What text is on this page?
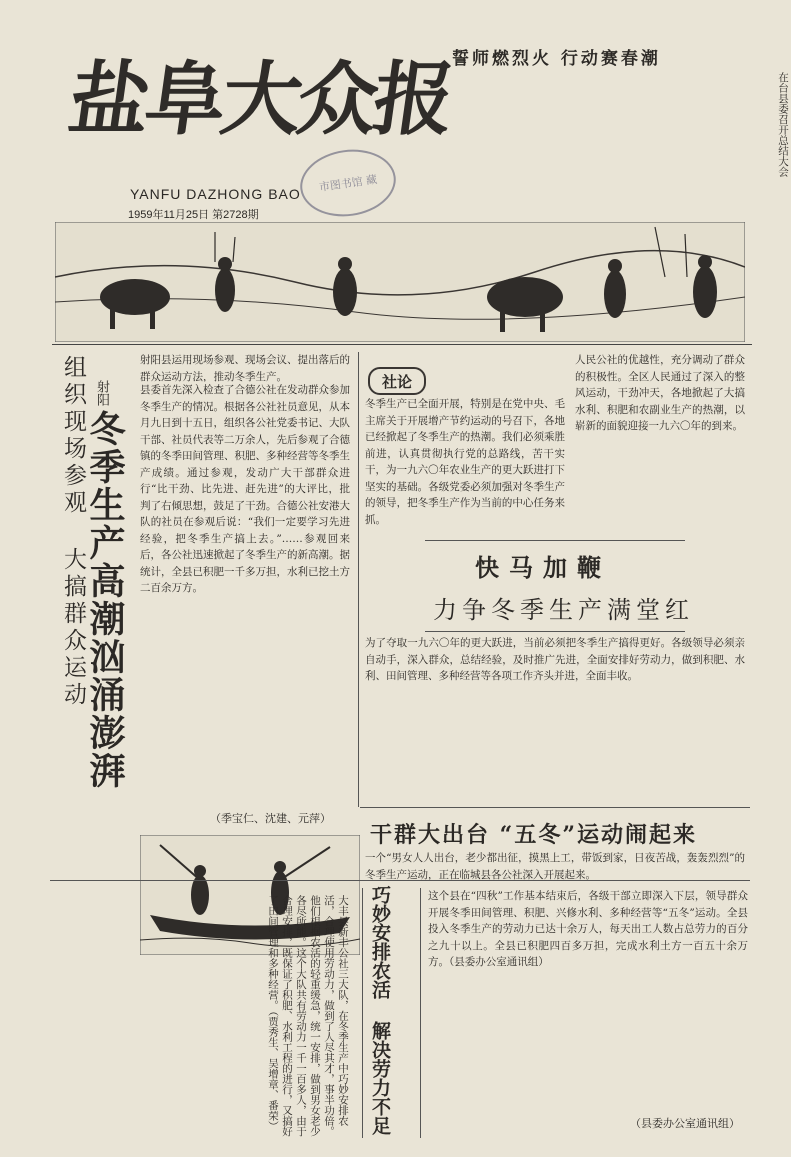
盐阜大众报
YANFU DAZHONG BAO
1959年11月25日 第2728期
市图书馆 藏
誓师燃烈火 行动赛春潮
在台县委召开总结大会
组织现场参观 大搞群众运动 射阳
冬季生产高潮汹涌澎湃
射阳县运用现场参观、现场会议、提出落后的群众运动方法，推动冬季生产。
县委首先深入检查了合德公社在发动群众参加冬季生产的情况。根据各公社社员意见，从本月九日到十五日，组织各公社党委书记、大队干部、社员代表等二万余人，先后参观了合德镇的冬季田间管理、积肥、多种经营等冬季生产成绩。通过参观，发动广大干部群众进行“比干劲、比先进、赶先进”的大评比，批判了右倾思想，鼓足了干劲。合德公社安港大队的社员在参观后说：“我们一定要学习先进经验，把冬季生产搞上去。”……参观回来后，各公社迅速掀起了冬季生产的新高潮。据统计，全县已积肥一千多万担，水利已挖土方二百余万方。
（季宝仁、沈建、元萍）
社论
冬季生产已全面开展，特别是在党中央、毛主席关于开展增产节约运动的号召下，各地已经掀起了冬季生产的热潮。我们必须乘胜前进，认真贯彻执行党的总路线，苦干实干，为一九六〇年农业生产的更大跃进打下坚实的基础。各级党委必须加强对冬季生产的领导，把冬季生产作为当前的中心任务来抓。
人民公社的优越性，充分调动了群众的积极性。全区人民通过了深入的整风运动，干劲冲天，各地掀起了大搞水利、积肥和农副业生产的热潮，以崭新的面貌迎接一九六〇年的到来。
快马加鞭
力争冬季生产满堂红
为了夺取一九六〇年的更大跃进，当前必须把冬季生产搞得更好。各级领导必须亲自动手，深入群众，总结经验，及时推广先进，全面安排好劳动力，做到积肥、水利、田间管理、多种经营等各项工作齐头并进，全面丰收。
干群大出台 “五冬”运动闹起来
一个“男女人人出台，老少都出征，摸黑上工，带饭到家，日夜苦战，轰轰烈烈”的冬季生产运动，正在临城县各公社深入开展起来。
大丰县新丰公社三大队，在冬季生产中巧妙安排农活，合理使用劳动力，做到了人尽其才，事半功倍。他们根据农活的轻重缓急，统一安排，做到男女老少各尽所能。这个大队共有劳动力一千一百多人，由于合理安排，既保证了积肥、水利工程的进行，又搞好了田间管理和多种经营。（贾秀生、吴增章、番荣）	巧妙安排农活 解决劳力不足	这个县在“四秋”工作基本结束后，各级干部立即深入下层，领导群众开展冬季田间管理、积肥、兴修水利、多种经营等“五冬”运动。全县投入冬季生产的劳动力已达十余万人，每天出工人数占总劳力的百分之九十以上。全县已积肥四百多万担，完成水利土方一百五十余万方。（县委办公室通讯组）
（县委办公室通讯组）
